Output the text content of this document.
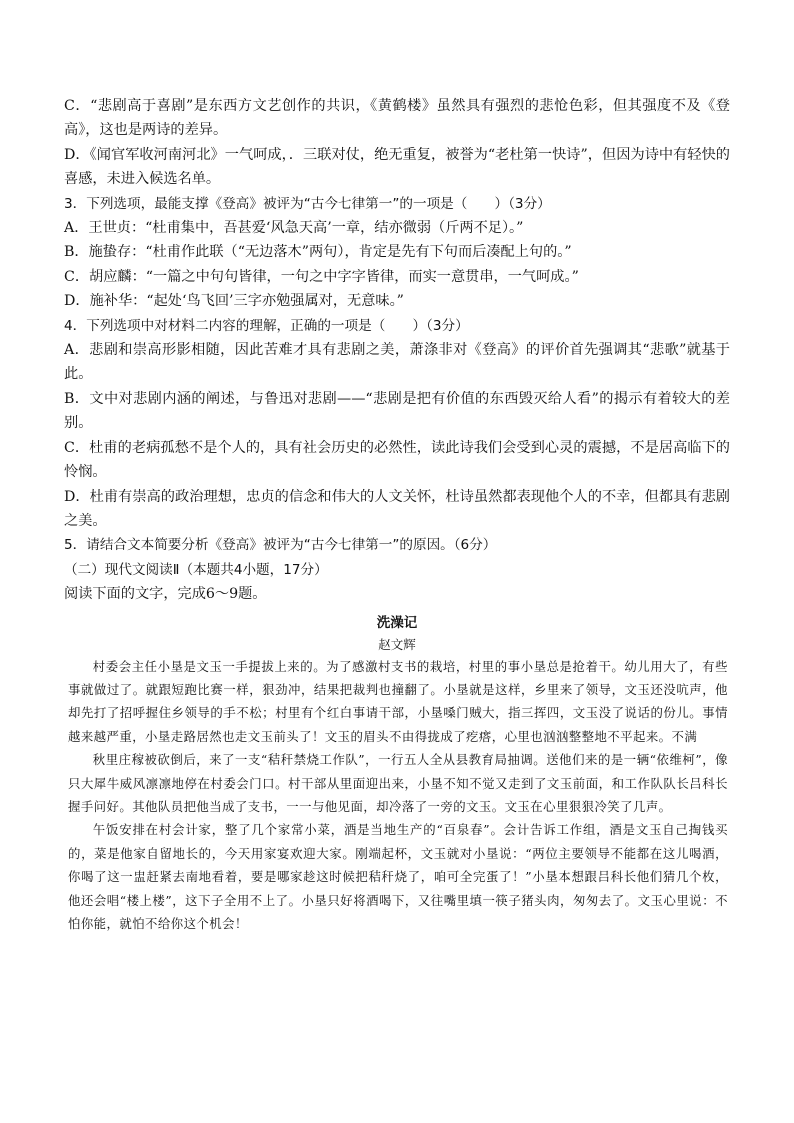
C．“悲剧高于喜剧”是东西方文艺创作的共识，《黄鹤楼》虽然具有强烈的悲怆色彩，但其强度不及《登高》，这也是两诗的差异。

D．《闻官军收河南河北》一气呵成，．三联对仗，绝无重复，被誉为“老杜第一快诗”，但因为诗中有轻快的喜感，未进入候选名单。

3．下列选项，最能支撑《登高》被评为“古今七律第一”的一项是（　　）（3分）

A．王世贞：“杜甫集中，吾甚爱‘风急天高’一章，结亦微弱（斤两不足）。”

B．施蛰存：“杜甫作此联（“无边落木”两句），肯定是先有下句而后凑配上句的。”

C．胡应麟：“一篇之中句句皆律，一句之中字字皆律，而实一意贯串，一气呵成。”

D．施补华：“起处‘鸟飞回’三字亦勉强属对，无意味。”

4．下列选项中对材料二内容的理解，正确的一项是（　　）（3分）

A．悲剧和崇高形影相随，因此苦难才具有悲剧之美，萧涤非对《登高》的评价首先强调其“悲歌”就基于此。

B．文中对悲剧内涵的阐述，与鲁迅对悲剧——“悲剧是把有价值的东西毁灭给人看”的揭示有着较大的差别。

C．杜甫的老病孤愁不是个人的，具有社会历史的必然性，读此诗我们会受到心灵的震撼，不是居高临下的怜悯。

D．杜甫有崇高的政治理想，忠贞的信念和伟大的人文关怀，杜诗虽然都表现他个人的不幸，但都具有悲剧之美。

5．请结合文本简要分析《登高》被评为“古今七律第一”的原因。（6分）

（二）现代文阅读Ⅱ（本题共4小题，17分）

阅读下面的文字，完成6～9题。

洗澡记
赵文辉

村委会主任小垦是文玉一手提拔上来的。为了感激村支书的栽培，村里的事小垦总是抢着干。幼儿用大了，有些事就做过了。就跟短跑比赛一样，狠劲冲，结果把裁判也撞翻了。小垦就是这样，乡里来了领导，文玉还没吭声，他却先打了招呼握住乡领导的手不松；村里有个红白事请干部，小垦嗓门贼大，指三挥四，文玉没了说话的份儿。事情越来越严重，小垦走路居然也走文玉前头了！文玉的眉头不由得拢成了疙瘩，心里也汹汹整整地不平起来。不满

秋里庄稼被砍倒后，来了一支“秸秆禁烧工作队”，一行五人全从县教育局抽调。送他们来的是一辆“依维柯”，像只大犀牛威风凛凛地停在村委会门口。村干部从里面迎出来，小垦不知不觉又走到了文玉前面，和工作队队长吕科长握手问好。其他队员把他当成了支书，一一与他见面，却冷落了一旁的文玉。文玉在心里狠狠冷笑了几声。

午饭安排在村会计家，整了几个家常小菜，酒是当地生产的“百泉春”。会计告诉工作组，酒是文玉自己掏钱买的，菜是他家自留地长的，今天用家宴欢迎大家。刚端起杯，文玉就对小垦说：“两位主要领导不能都在这儿喝酒，你喝了这一盅赶紧去南地看着，要是哪家趁这时候把秸秆烧了，咱可全完蛋了！”小垦本想跟吕科长他们猜几个枚，他还会唱“楼上楼”，这下子全用不上了。小垦只好将酒喝下，又往嘴里填一筷子猪头肉，匆匆去了。文玉心里说：不怕你能，就怕不给你这个机会！
